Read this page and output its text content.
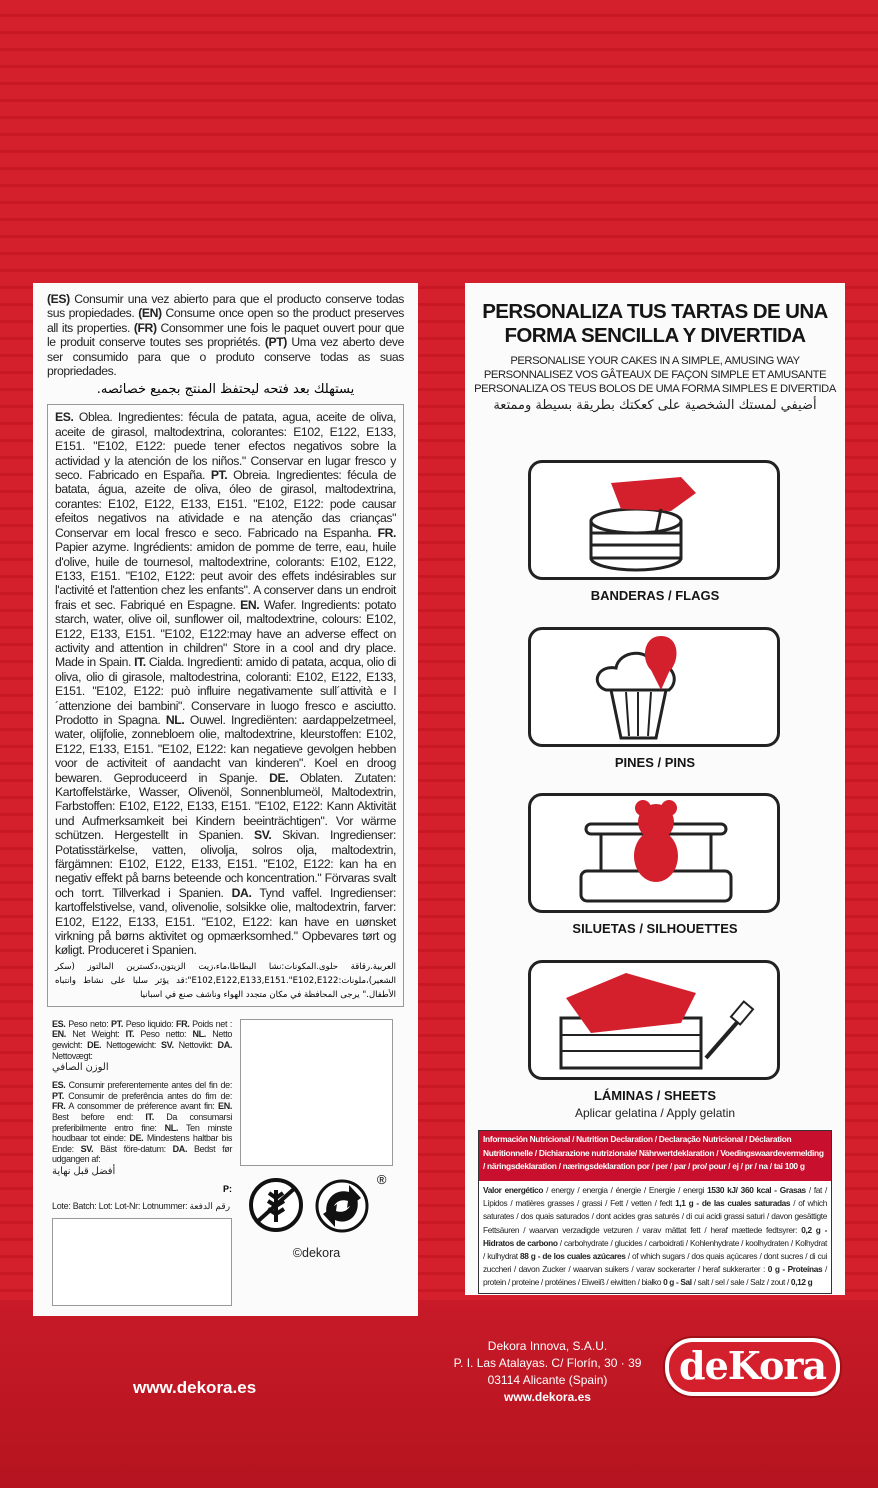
(ES) Consumir una vez abierto para que el producto conserve todas sus propiedades. (EN) Consume once open so the product preserves all its properties. (FR) Consommer une fois le paquet ouvert pour que le produit conserve toutes ses propriétés. (PT) Uma vez aberto deve ser consumido para que o produto conserve todas as suas propriedades.
يستهلك بعد فتحه ليحتفظ المنتج بجميع خصائصه.
ES. Oblea. Ingredientes: fécula de patata, agua, aceite de oliva, aceite de girasol, maltodextrina, colorantes: E102, E122, E133, E151. "E102, E122: puede tener efectos negativos sobre la actividad y la atención de los niños." Conservar en lugar fresco y seco. Fabricado en España. PT. Obreia. Ingredientes: fécula de batata, água, azeite de oliva, óleo de girasol, maltodextrina, corantes: E102, E122, E133, E151. "E102, E122: pode causar efeitos negativos na atividade e na atenção das crianças" Conservar em local fresco e seco. Fabricado na Espanha. FR. Papier azyme. Ingrédients: amidon de pomme de terre, eau, huile d'olive, huile de tournesol, maltodextrine, colorants: E102, E122, E133, E151. "E102, E122: peut avoir des effets indésirables sur l'activité et l'attention chez les enfants". A conserver dans un endroit frais et sec. Fabriqué en Espagne. EN. Wafer. Ingredients: potato starch, water, olive oil, sunflower oil, maltodextrine, colours: E102, E122, E133, E151. "E102, E122:may have an adverse effect on activity and attention in children" Store in a cool and dry place. Made in Spain. IT. Cialda. Ingredienti: amido di patata, acqua, olio di oliva, olio di girasole, maltodestrina, coloranti: E102, E122, E133, E151. "E102, E122: può influire negativamente sull´attività e l´attenzione dei bambini". Conservare in luogo fresco e asciutto. Prodotto in Spagna. NL. Ouwel. Ingrediënten: aardappelzetmeel, water, olijfolie, zonnebloem olie, maltodextrine, kleurstoffen: E102, E122, E133, E151. "E102, E122: kan negatieve gevolgen hebben voor de activiteit of aandacht van kinderen". Koel en droog bewaren. Geproduceerd in Spanje. DE. Oblaten. Zutaten: Kartoffelstärke, Wasser, Olivenöl, Sonnenblumeöl, Maltodextrin, Farbstoffen: E102, E122, E133, E151. "E102, E122: Kann Aktivität und Aufmerksamkeit bei Kindern beeinträchtigen". Vor wärme schützen. Hergestellt in Spanien. SV. Skivan. Ingredienser: Potatisstärkelse, vatten, olivolja, solros olja, maltodextrin, färgämnen: E102, E122, E133, E151. "E102, E122: kan ha en negativ effekt på barns beteende och koncentration." Förvaras svalt och torrt. Tillverkad i Spanien. DA. Tynd vaffel. Ingredienser: kartoffelstivelse, vand, olivenolie, solsikke olie, maltodextrin, farver: E102, E122, E133, E151. "E102, E122: kan have en uønsket virkning på børns aktivitet og opmærksomhed." Opbevares tørt og køligt. Produceret i Spanien.
العربية.رقاقة حلوى.المكونات:نشا البطاطا،ماء،زيت الزيتون،دكسترين المالتوز (سكر الشعير)،ملونات:E102,E122,E133,E151."E102,E122":قد يؤثر سلبا على نشاط وانتباه الأطفال." يرجى المحافظة في مكان متجدد الهواء وناشف صنع في اسبانيا
ES. Peso neto: PT. Peso liquido: FR. Poids net : EN. Net Weight: IT. Peso netto: NL. Netto gewicht: DE. Nettogewicht: SV. Nettovikt: DA. Nettovægt:
الوزن الصافي
ES. Consumir preferentemente antes del fin de: PT. Consumir de preferência antes do fim de: FR. A consommer de préference avant fin: EN. Best before end: IT. Da consumarsi preferibilmente entro fine: NL. Ten minste houdbaar tot einde: DE. Mindestens haltbar bis Ende: SV. Bäst före-datum: DA. Bedst før udgangen af:
أفضل قبل نهاية
P:
Lote: Batch: Lot: Lot-Nr: Lotnummer: رقم الدفعة
®
©dekora
PERSONALIZA TUS TARTAS DE UNA FORMA SENCILLA Y DIVERTIDA
PERSONALISE YOUR CAKES IN A SIMPLE, AMUSING WAY
PERSONNALISEZ VOS GÂTEAUX DE FAÇON SIMPLE ET AMUSANTE
PERSONALIZA OS TEUS BOLOS DE UMA FORMA SIMPLES E DIVERTIDA
أضيفي لمستك الشخصية على كعكتك بطريقة بسيطة وممتعة
BANDERAS / FLAGS
PINES / PINS
SILUETAS / SILHOUETTES
LÁMINAS / SHEETS
Aplicar gelatina / Apply gelatin
Información Nutricional / Nutrition Declaration / Declaração Nutricional / Déclaration Nutritionnelle / Dichiarazione nutrizionale/ Nährwertdeklaration / Voedingswaardevermelding / näringsdeklaration / næringsdeklaration por / per / par / pro/ pour / ej / pr / na / tai 100 g
Valor energético / energy / energia / énergie / Energie / energi 1530 kJ/ 360 kcal - Grasas / fat / Lípidos / matières grasses / grassi / Fett / vetten / fedt 1,1 g - de las cuales saturadas / of which saturates / dos quais saturados / dont acides gras saturés / di cui acidi grassi saturi / davon gesättigte Fettsäuren / waarvan verzadigde vetzuren / varav mättat fett / heraf mættede fedtsyrer: 0,2 g - Hidratos de carbono / carbohydrate / glucides / carboidrati / Kohlenhydrate / koolhydraten / Kolhydrat / kulhydrat 88 g - de los cuales azúcares / of which sugars / dos quais açúcares / dont sucres / di cui zuccheri / davon Zucker / waarvan suikers / varav sockerarter / heraf sukkerarter : 0 g - Proteínas / protein / proteine / protéines / Eiweiß / eiwitten / białko 0 g - Sal / salt / sel / sale / Salz / zout / 0,12 g
www.dekora.es
Dekora Innova, S.A.U.
P. I. Las Atalayas. C/ Florín, 30 · 39
03114 Alicante (Spain)
www.dekora.es
deKora
